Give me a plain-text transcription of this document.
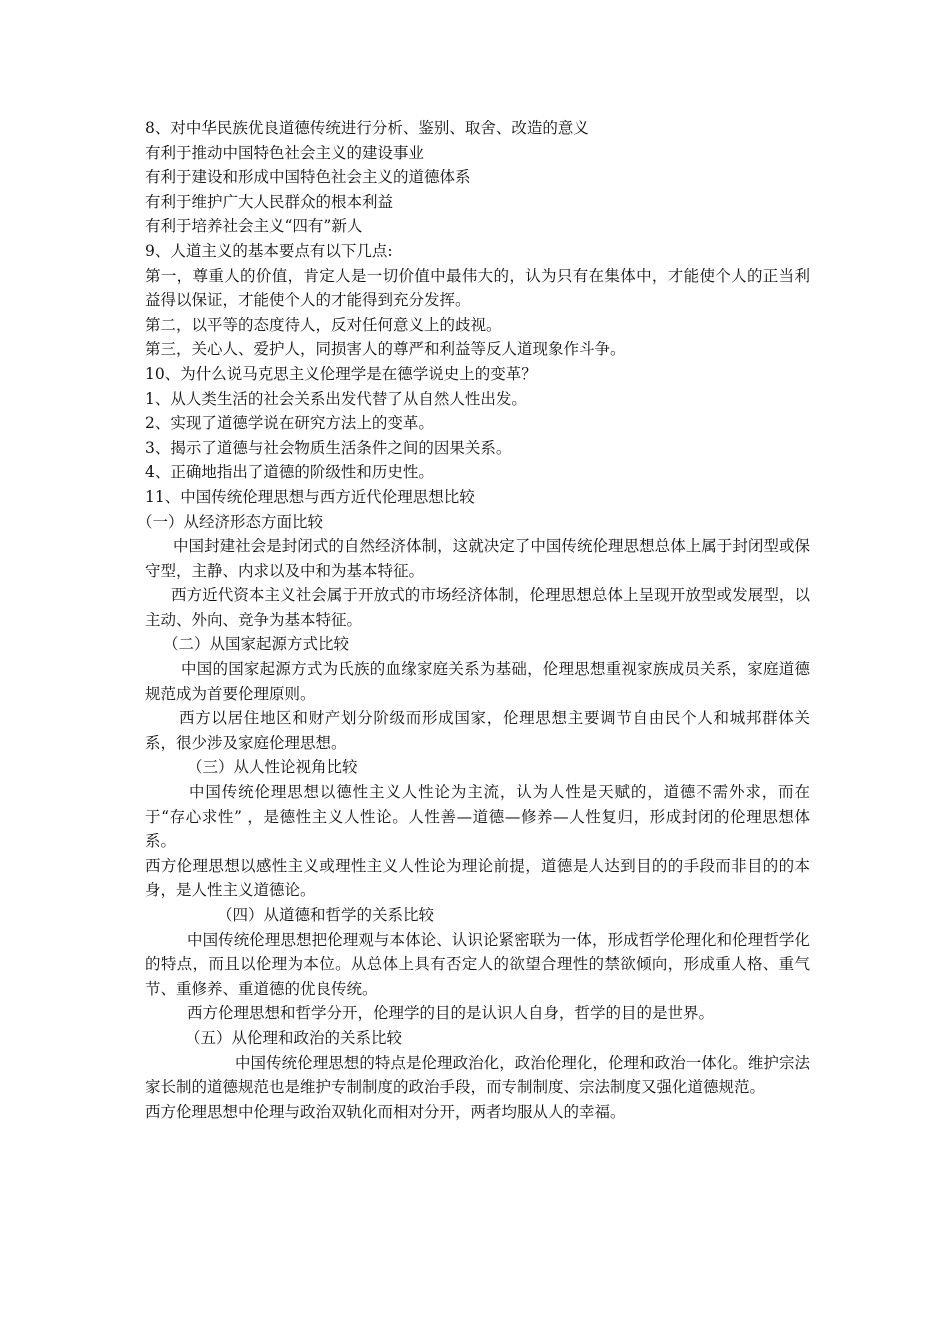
8、对中华民族优良道德传统进行分析、鉴别、取舍、改造的意义
有利于推动中国特色社会主义的建设事业
有利于建设和形成中国特色社会主义的道德体系
有利于维护广大人民群众的根本利益
有利于培养社会主义“四有”新人
9、人道主义的基本要点有以下几点:
第一，尊重人的价值，肯定人是一切价值中最伟大的，认为只有在集体中，才能使个人的正当利益得以保证，才能使个人的才能得到充分发挥。
第二，以平等的态度待人，反对任何意义上的歧视。
第三，关心人、爱护人，同损害人的尊严和利益等反人道现象作斗争。
10、为什么说马克思主义伦理学是在德学说史上的变革？
1、从人类生活的社会关系出发代替了从自然人性出发。
2、实现了道德学说在研究方法上的变革。
3、揭示了道德与社会物质生活条件之间的因果关系。
4、正确地指出了道德的阶级性和历史性。
11、中国传统伦理思想与西方近代伦理思想比较
（一）从经济形态方面比较
中国封建社会是封闭式的自然经济体制，这就决定了中国传统伦理思想总体上属于封闭型或保守型，主静、内求以及中和为基本特征。
西方近代资本主义社会属于开放式的市场经济体制，伦理思想总体上呈现开放型或发展型，以主动、外向、竞争为基本特征。
（二）从国家起源方式比较
中国的国家起源方式为氏族的血缘家庭关系为基础，伦理思想重视家族成员关系，家庭道德规范成为首要伦理原则。
西方以居住地区和财产划分阶级而形成国家，伦理思想主要调节自由民个人和城邦群体关系，很少涉及家庭伦理思想。
（三）从人性论视角比较
中国传统伦理思想以德性主义人性论为主流，认为人性是天赋的，道德不需外求，而在于“存心求性” ，是德性主义人性论。人性善—道德—修养—人性复归，形成封闭的伦理思想体系。
西方伦理思想以感性主义或理性主义人性论为理论前提，道德是人达到目的的手段而非目的的本身，是人性主义道德论。
（四）从道德和哲学的关系比较
中国传统伦理思想把伦理观与本体论、认识论紧密联为一体，形成哲学伦理化和伦理哲学化的特点，而且以伦理为本位。从总体上具有否定人的欲望合理性的禁欲倾向，形成重人格、重气节、重修养、重道德的优良传统。
西方伦理思想和哲学分开，伦理学的目的是认识人自身，哲学的目的是世界。
（五）从伦理和政治的关系比较
中国传统伦理思想的特点是伦理政治化，政治伦理化，伦理和政治一体化。维护宗法家长制的道德规范也是维护专制制度的政治手段，而专制制度、宗法制度又强化道德规范。
西方伦理思想中伦理与政治双轨化而相对分开，两者均服从人的幸福。
